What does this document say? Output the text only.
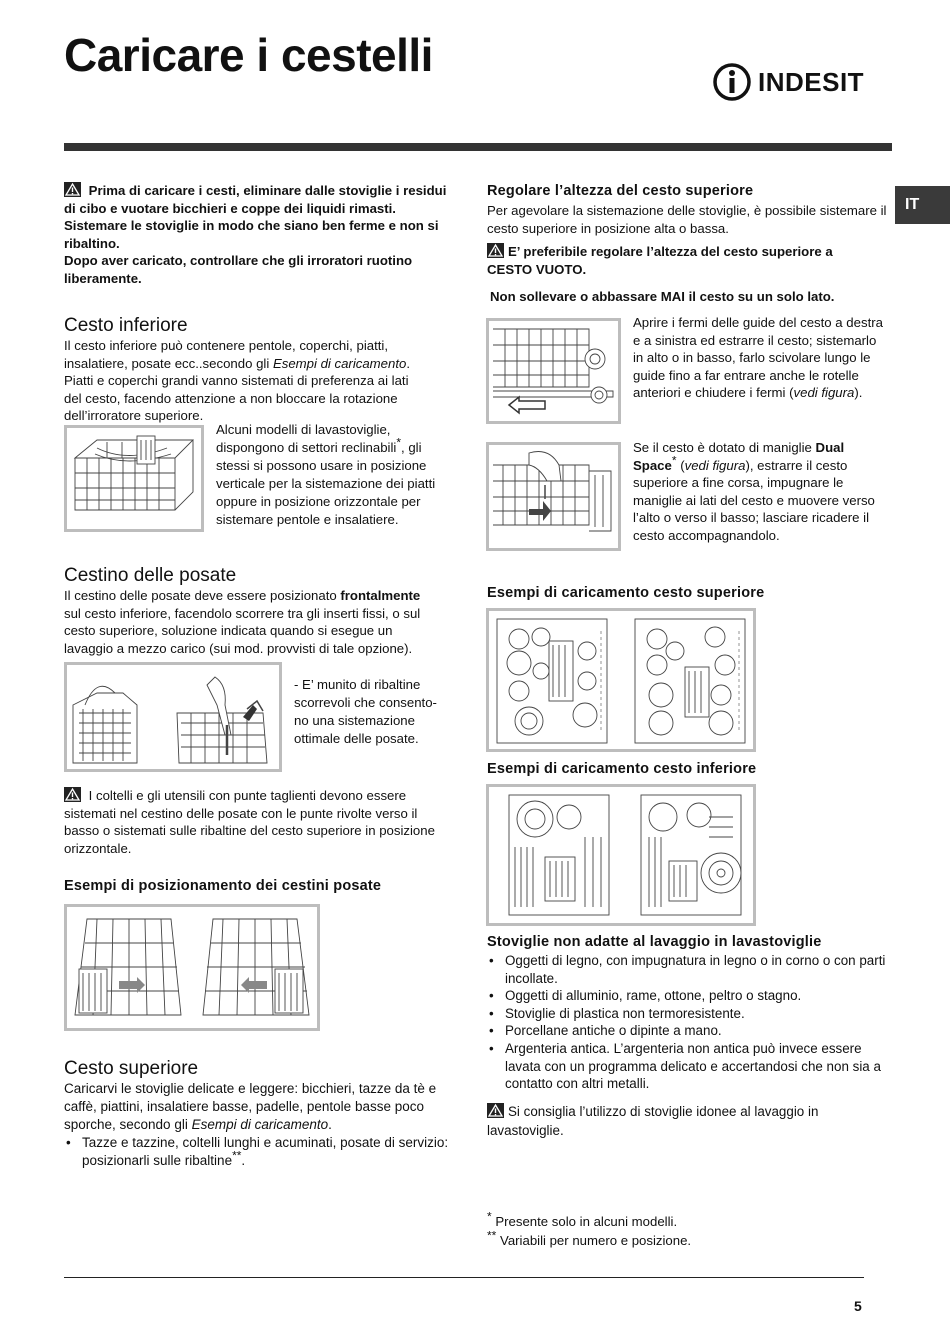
Caricare i cestelli
INDESIT
IT

Prima di caricare i cesti, eliminare dalle stoviglie i residui di cibo e vuotare bicchieri e coppe dei liquidi rimasti.

Sistemare le stoviglie in modo che siano ben ferme e non si ribaltino.

Dopo aver caricato, controllare che gli irroratori ruotino liberamente.

Cesto inferiore

Il cesto inferiore può contenere pentole, coperchi, piatti, insalatiere, posate ecc..secondo gli Esempi di caricamento.

Piatti e coperchi grandi vanno sistemati di preferenza ai lati del cesto, facendo attenzione a non bloccare la rotazione dell’irroratore superiore.

Alcuni modelli di lavastoviglie, dispongono di settori reclinabili*, gli stessi si possono usare in posizione verticale per la sistemazione dei piatti oppure in posizione orizzontale per sistemare pentole e insalatiere.
Cestino delle posate
Il cestino delle posate deve essere posizionato frontalmente sul cesto inferiore, facendolo scorrere tra gli inserti fissi, o sul cesto superiore, soluzione indicata quando si esegue un lavaggio a mezzo carico (sui mod. provvisti di tale opzione).
- E’ munito di ribaltine scorrevoli che consento-no una sistemazione ottimale delle posate.
I coltelli e gli utensili con punte taglienti devono essere sistemati nel cestino delle posate con le punte rivolte verso il basso o sistemati sulle ribaltine del cesto superiore in posizione orizzontale.
Esempi di posizionamento dei cestini posate
Cesto superiore

Caricarvi le stoviglie delicate e leggere: bicchieri, tazze da tè e caffè, piattini, insalatiere basse, padelle, pentole basse poco sporche, secondo gli Esempi di caricamento.

• Tazze e tazzine, coltelli lunghi e acuminati, posate di servizio: posizionarli sulle ribaltine**.
Regolare l’altezza del cesto superiore
Per agevolare la sistemazione delle stoviglie, è possibile sistemare il cesto superiore in posizione alta o bassa.
E’ preferibile regolare l’altezza del cesto superiore a CESTO VUOTO.
Non sollevare o abbassare MAI il cesto su un solo lato.
Aprire i fermi delle guide del cesto a destra e a sinistra ed estrarre il cesto; sistemarlo in alto o in basso, farlo scivolare lungo le guide fino a far entrare anche le rotelle anteriori e chiudere i fermi (vedi figura).
Se il cesto è dotato di maniglie Dual Space* (vedi figura), estrarre il cesto superiore a fine corsa, impugnare le maniglie ai lati del cesto e muovere verso l’alto o verso il basso; lasciare ricadere il cesto accompagnandolo.
Esempi di caricamento cesto superiore
Esempi di caricamento cesto inferiore
Stoviglie non adatte al lavaggio in lavastoviglie
• Oggetti di legno, con impugnatura in legno o in corno o con parti incollate.
• Oggetti di alluminio, rame, ottone, peltro o stagno.
• Stoviglie di plastica non termoresistente.
• Porcellane antiche o dipinte a mano.
• Argenteria antica. L’argenteria non antica può invece essere lavata con un programma delicato e accertandosi che non sia a contatto con altri metalli.
Si consiglia l’utilizzo di stoviglie idonee al lavaggio in lavastoviglie.

* Presente solo in alcuni modelli.

** Variabili per numero e posizione.

5
